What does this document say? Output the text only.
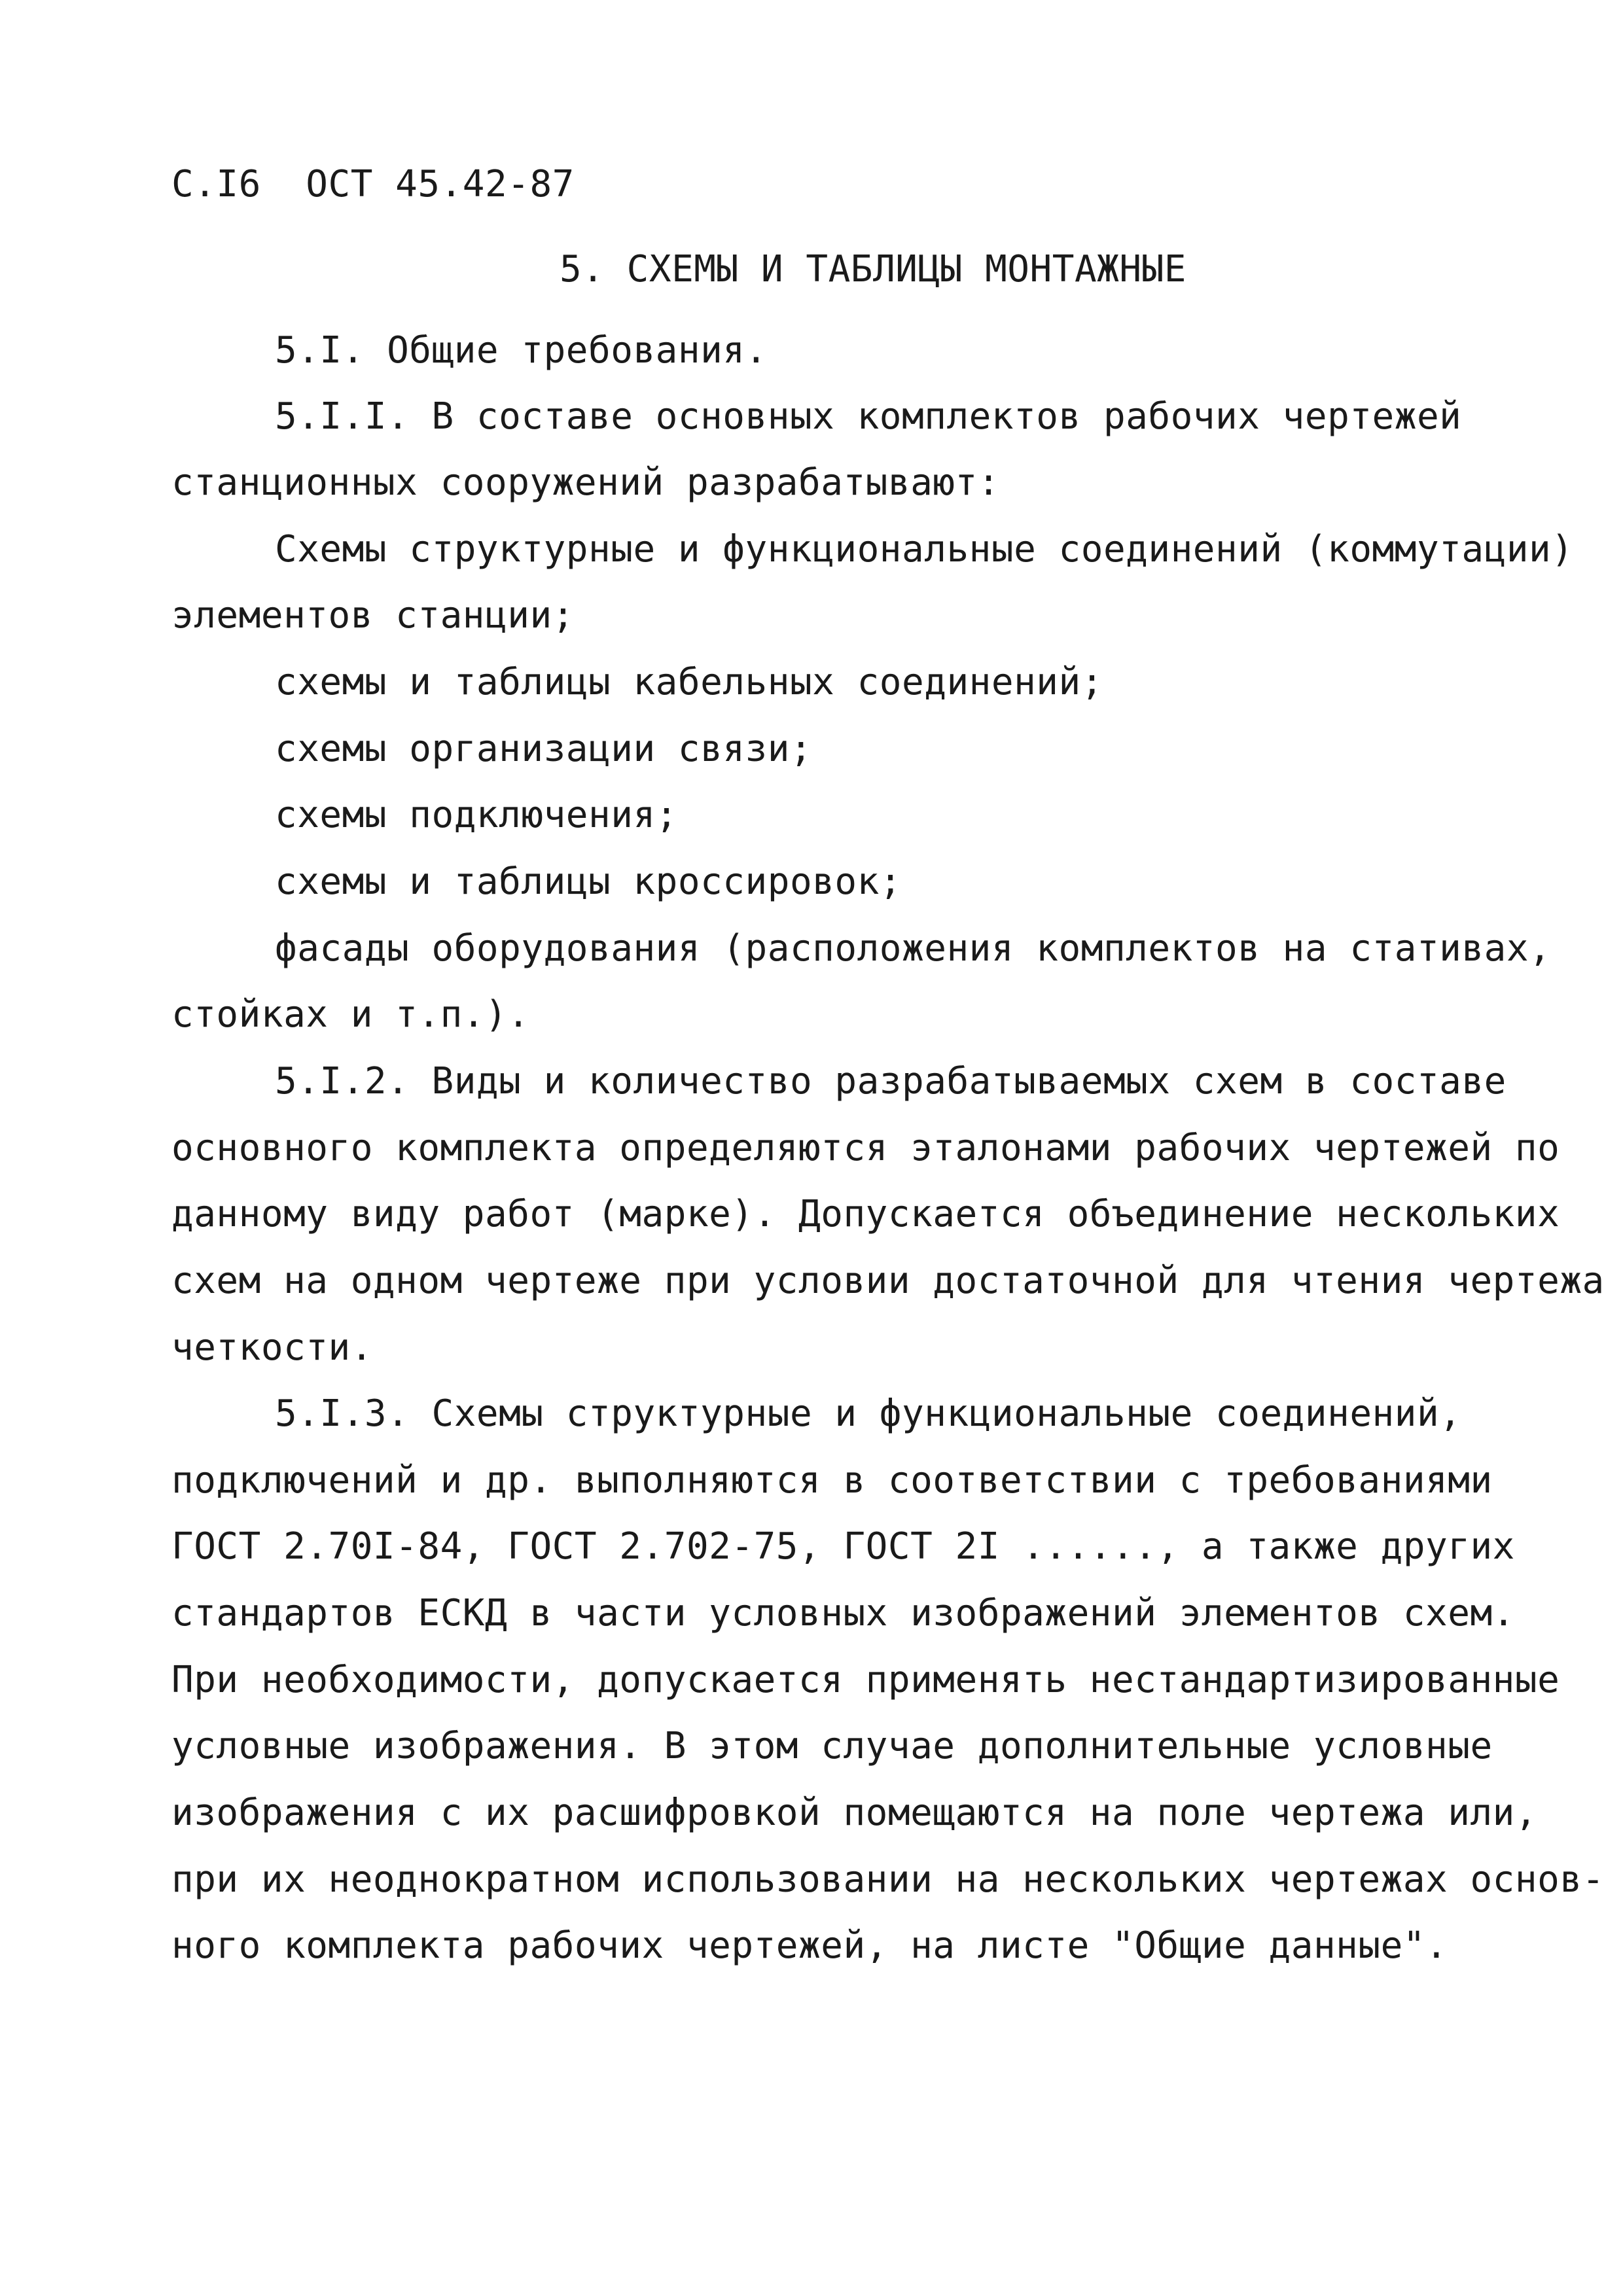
С.I6  ОСТ 45.42-87
5. СХЕМЫ И ТАБЛИЦЫ МОНТАЖНЫЕ
5.I. Общие требования.
5.I.I. В составе основных комплектов рабочих чертежей
станционных сооружений разрабатывают:
Схемы структурные и функциональные соединений (коммутации)
элементов станции;
схемы и таблицы кабельных соединений;
схемы организации связи;
схемы подключения;
схемы и таблицы кроссировок;
фасады оборудования (расположения комплектов на стативах,
стойках и т.п.).
5.I.2. Виды и количество разрабатываемых схем в составе
основного комплекта определяются эталонами рабочих чертежей по
данному виду работ (марке). Допускается объединение нескольких
схем на одном чертеже при условии достаточной для чтения чертежа
четкости.
5.I.3. Схемы структурные и функциональные соединений,
подключений и др. выполняются в соответствии с требованиями
ГОСТ 2.70I-84, ГОСТ 2.702-75, ГОСТ 2I ......, а также других
стандартов ЕСКД в части условных изображений элементов схем.
При необходимости, допускается применять нестандартизированные
условные изображения. В этом случае дополнительные условные
изображения с их расшифровкой помещаются на поле чертежа или,
при их неоднократном использовании на нескольких чертежах основ-
ного комплекта рабочих чертежей, на листе "Общие данные".
